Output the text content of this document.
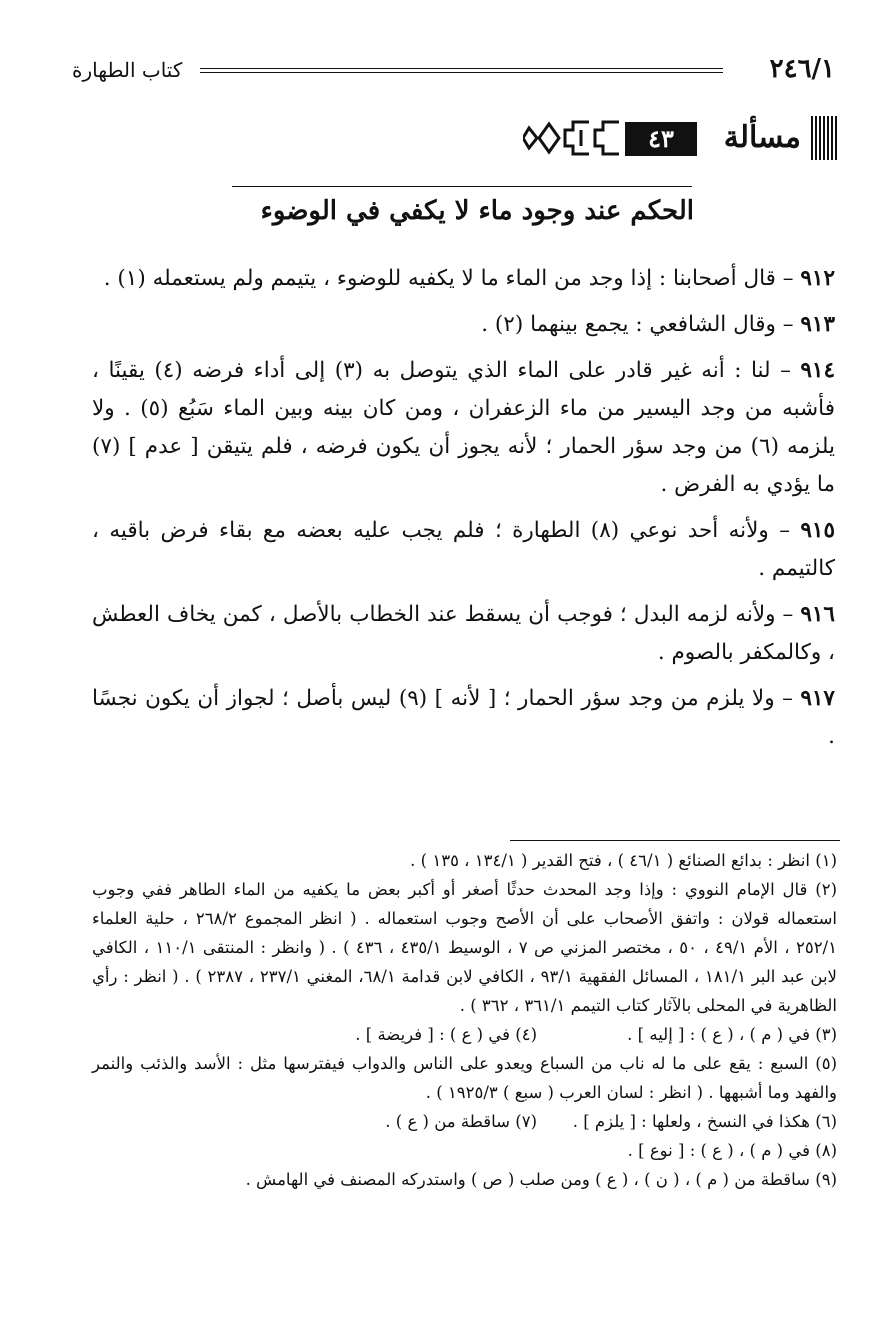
٢٤٦/١
كتاب الطهارة
مسألة
٤٣
الحكم عند وجود ماء لا يكفي في الوضوء

٩١٢ – قال أصحابنا : إذا وجد من الماء ما لا يكفيه للوضوء ، يتيمم ولم يستعمله (١) .

٩١٣ – وقال الشافعي : يجمع بينهما (٢) .

٩١٤ – لنا : أنه غير قادر على الماء الذي يتوصل به (٣) إلى أداء فرضه (٤) يقينًا ، فأشبه من وجد اليسير من ماء الزعفران ، ومن كان بينه وبين الماء سَبُع (٥) . ولا يلزمه (٦) من وجد سؤر الحمار ؛ لأنه يجوز أن يكون فرضه ، فلم يتيقن [ عدم ] (٧) ما يؤدي به الفرض .

٩١٥ – ولأنه أحد نوعي (٨) الطهارة ؛ فلم يجب عليه بعضه مع بقاء فرض باقيه ، كالتيمم .

٩١٦ – ولأنه لزمه البدل ؛ فوجب أن يسقط عند الخطاب بالأصل ، كمن يخاف العطش ، وكالمكفر بالصوم .

٩١٧ – ولا يلزم من وجد سؤر الحمار ؛ [ لأنه ] (٩) ليس بأصل ؛ لجواز أن يكون نجسًا .

(١) انظر : بدائع الصنائع ( ٤٦/١ ) ، فتح القدير ( ١٣٤/١ ، ١٣٥ ) .

(٢) قال الإمام النووي : وإذا وجد المحدث حدثًا أصغر أو أكبر بعض ما يكفيه من الماء الطاهر ففي وجوب استعماله قولان : واتفق الأصحاب على أن الأصح وجوب استعماله . ( انظر المجموع ٢٦٨/٢ ، حلية العلماء ٢٥٢/١ ، الأم ٤٩/١ ، ٥٠ ، مختصر المزني ص ٧ ، الوسيط ٤٣٥/١ ، ٤٣٦ ) . ( وانظر : المنتقى ١١٠/١ ، الكافي لابن عبد البر ١٨١/١ ، المسائل الفقهية ٩٣/١ ، الكافي لابن قدامة ٦٨/١، المغني ٢٣٧/١ ، ٢٣٨٧ ) . ( انظر : رأي الظاهرية في المحلى بالآثار كتاب التيمم ٣٦١/١ ، ٣٦٢ ) .

(٣) في ( م ) ، ( ع ) : [ إليه ] .
(٤) في ( ع ) : [ فريضة ] .

(٥) السبع : يقع على ما له ناب من السباع ويعدو على الناس والدواب فيفترسها مثل : الأسد والذئب والنمر والفهد وما أشبهها . ( انظر : لسان العرب ( سبع ) ١٩٢٥/٣ ) .

(٦) هكذا في النسخ ، ولعلها : [ يلزم ] .
(٧) ساقطة من ( ع ) .

(٨) في ( م ) ، ( ع ) : [ نوع ] .

(٩) ساقطة من ( م ) ، ( ن ) ، ( ع ) ومن صلب ( ص ) واستدركه المصنف في الهامش .
